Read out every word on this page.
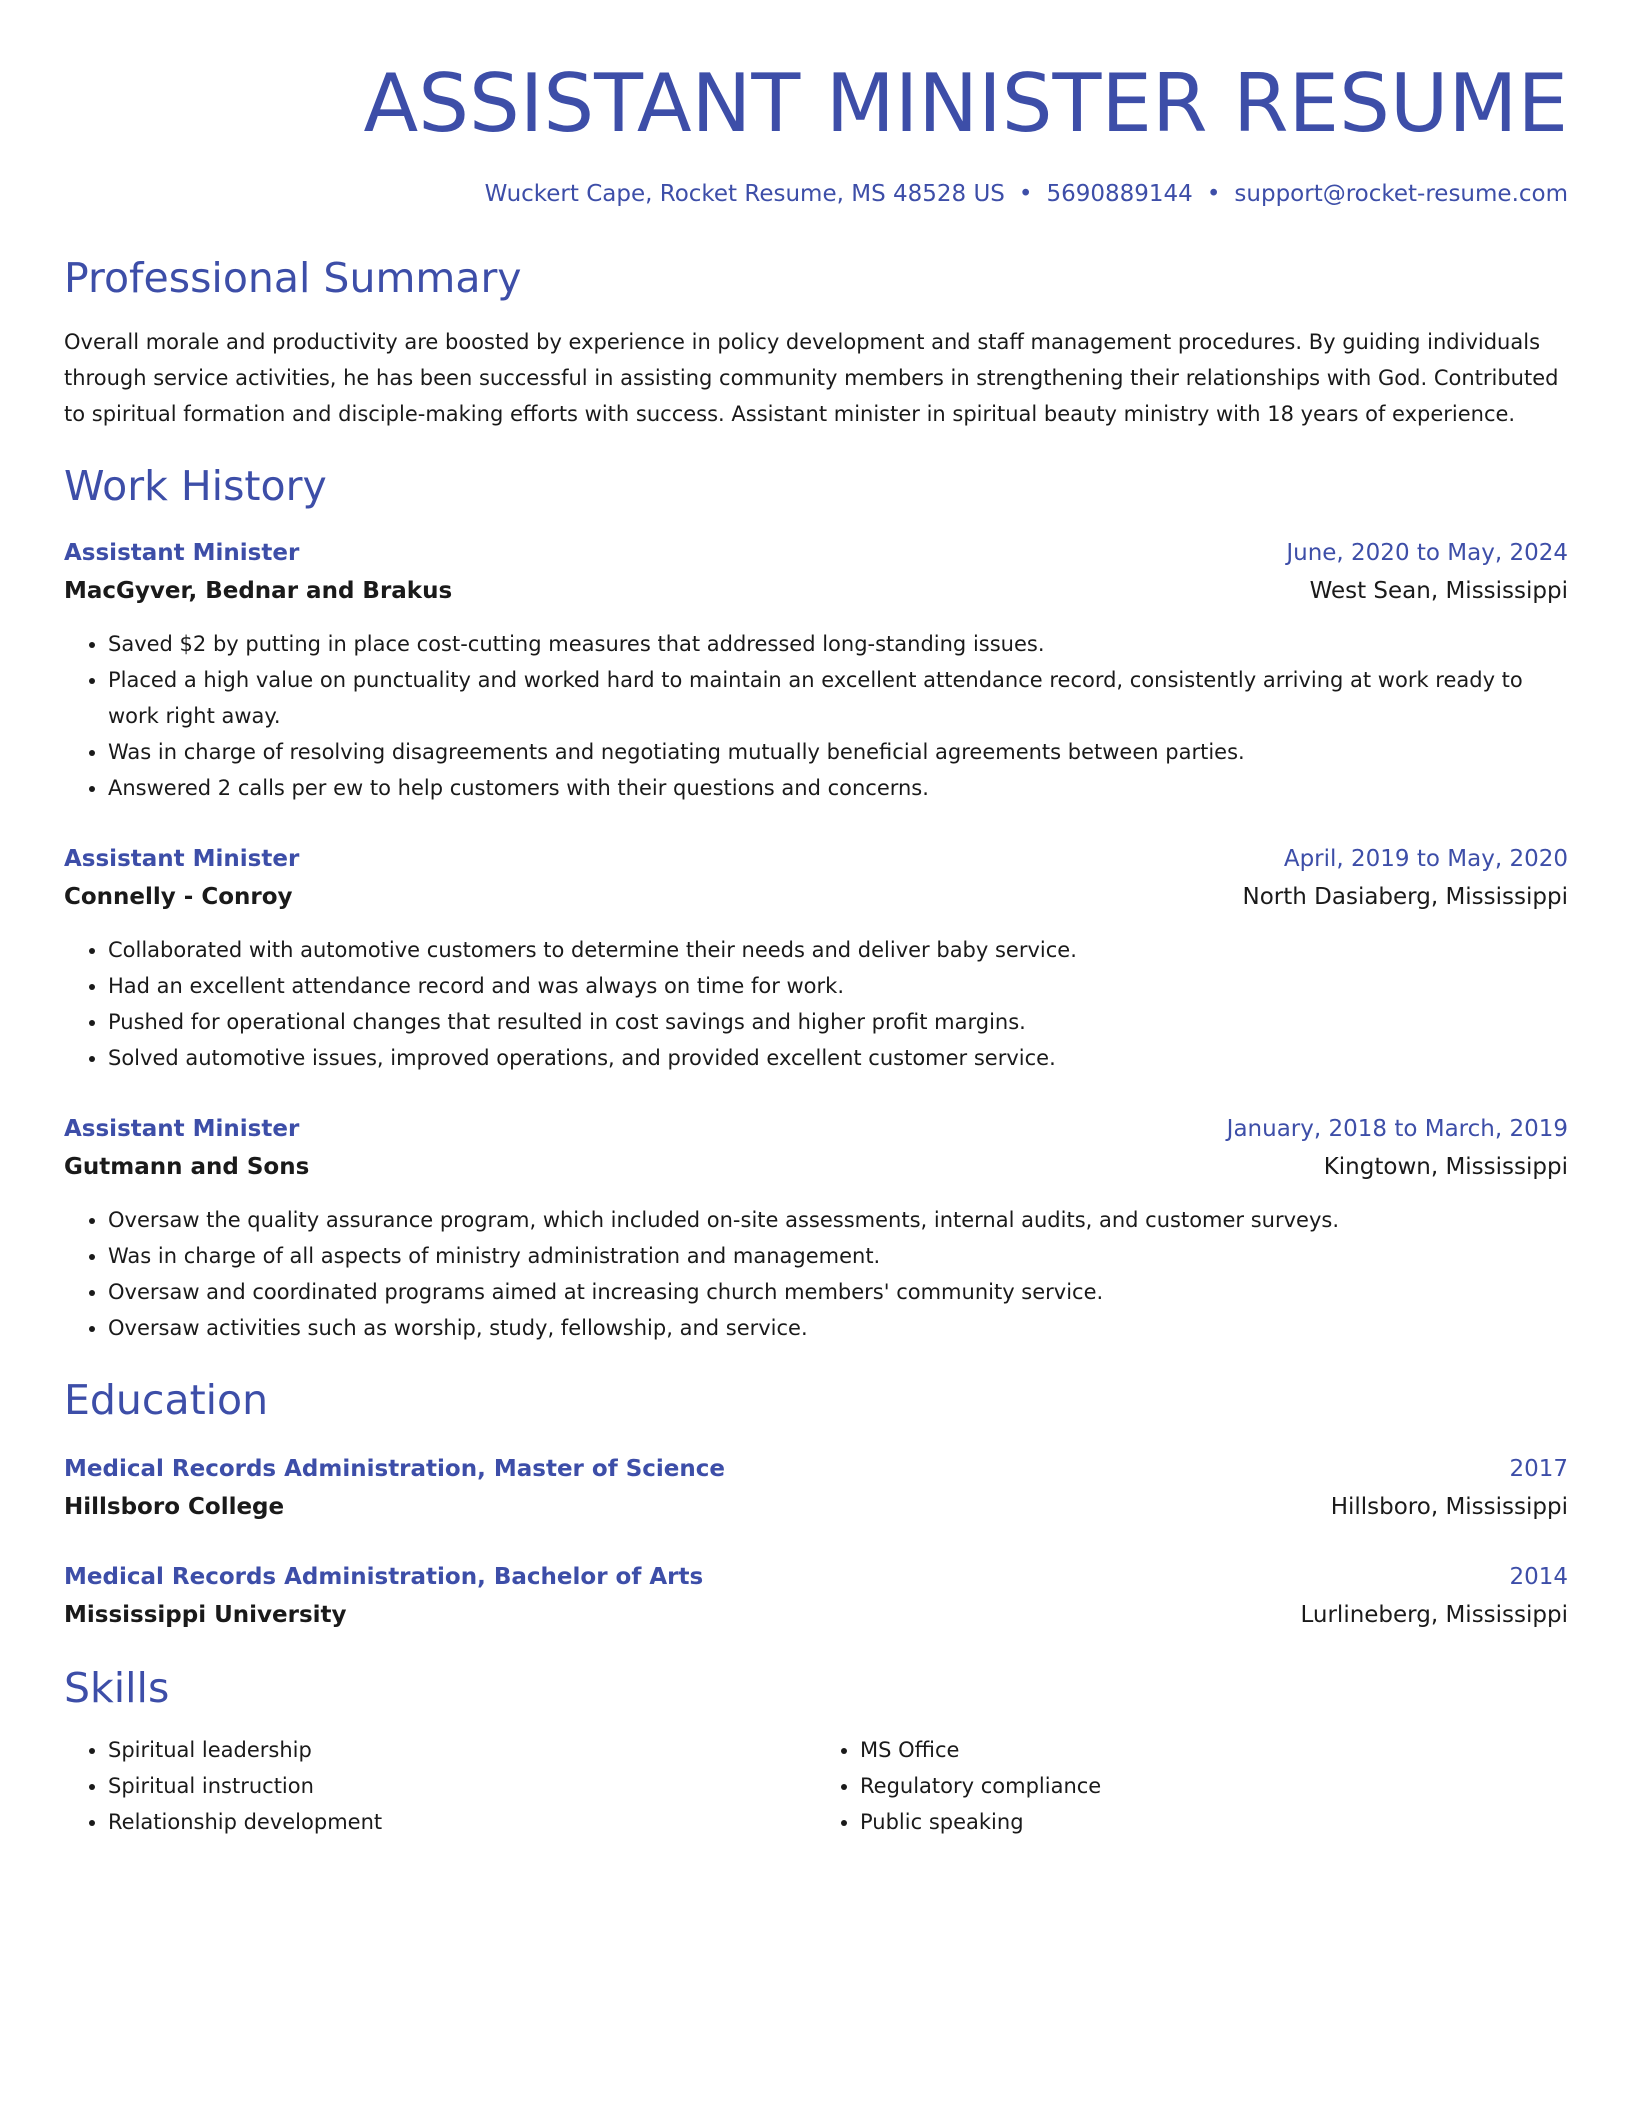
ASSISTANT MINISTER RESUME
Wuckert Cape, Rocket Resume, MS 48528 US • 5690889144 • support@rocket-resume.com
Professional Summary

Overall morale and productivity are boosted by experience in policy development and staff management procedures. By guiding individuals through service activities, he has been successful in assisting community members in strengthening their relationships with God. Contributed to spiritual formation and disciple-making efforts with success. Assistant minister in spiritual beauty ministry with 18 years of experience.

Work History
Assistant Minister	June, 2020 to May, 2024
MacGyver, Bednar and Brakus	West Sean, Mississippi
• Saved $2 by putting in place cost-cutting measures that addressed long-standing issues.
• Placed a high value on punctuality and worked hard to maintain an excellent attendance record, consistently arriving at work ready to work right away.
• Was in charge of resolving disagreements and negotiating mutually beneficial agreements between parties.
• Answered 2 calls per ew to help customers with their questions and concerns.
Assistant Minister	April, 2019 to May, 2020
Connelly - Conroy	North Dasiaberg, Mississippi
• Collaborated with automotive customers to determine their needs and deliver baby service.
• Had an excellent attendance record and was always on time for work.
• Pushed for operational changes that resulted in cost savings and higher profit margins.
• Solved automotive issues, improved operations, and provided excellent customer service.
Assistant Minister	January, 2018 to March, 2019
Gutmann and Sons	Kingtown, Mississippi
• Oversaw the quality assurance program, which included on-site assessments, internal audits, and customer surveys.
• Was in charge of all aspects of ministry administration and management.
• Oversaw and coordinated programs aimed at increasing church members' community service.
• Oversaw activities such as worship, study, fellowship, and service.
Education
Medical Records Administration, Master of Science	2017
Hillsboro College	Hillsboro, Mississippi
Medical Records Administration, Bachelor of Arts	2014
Mississippi University	Lurlineberg, Mississippi
Skills
• Spiritual leadership
• Spiritual instruction
• Relationship development
• MS Office
• Regulatory compliance
• Public speaking
